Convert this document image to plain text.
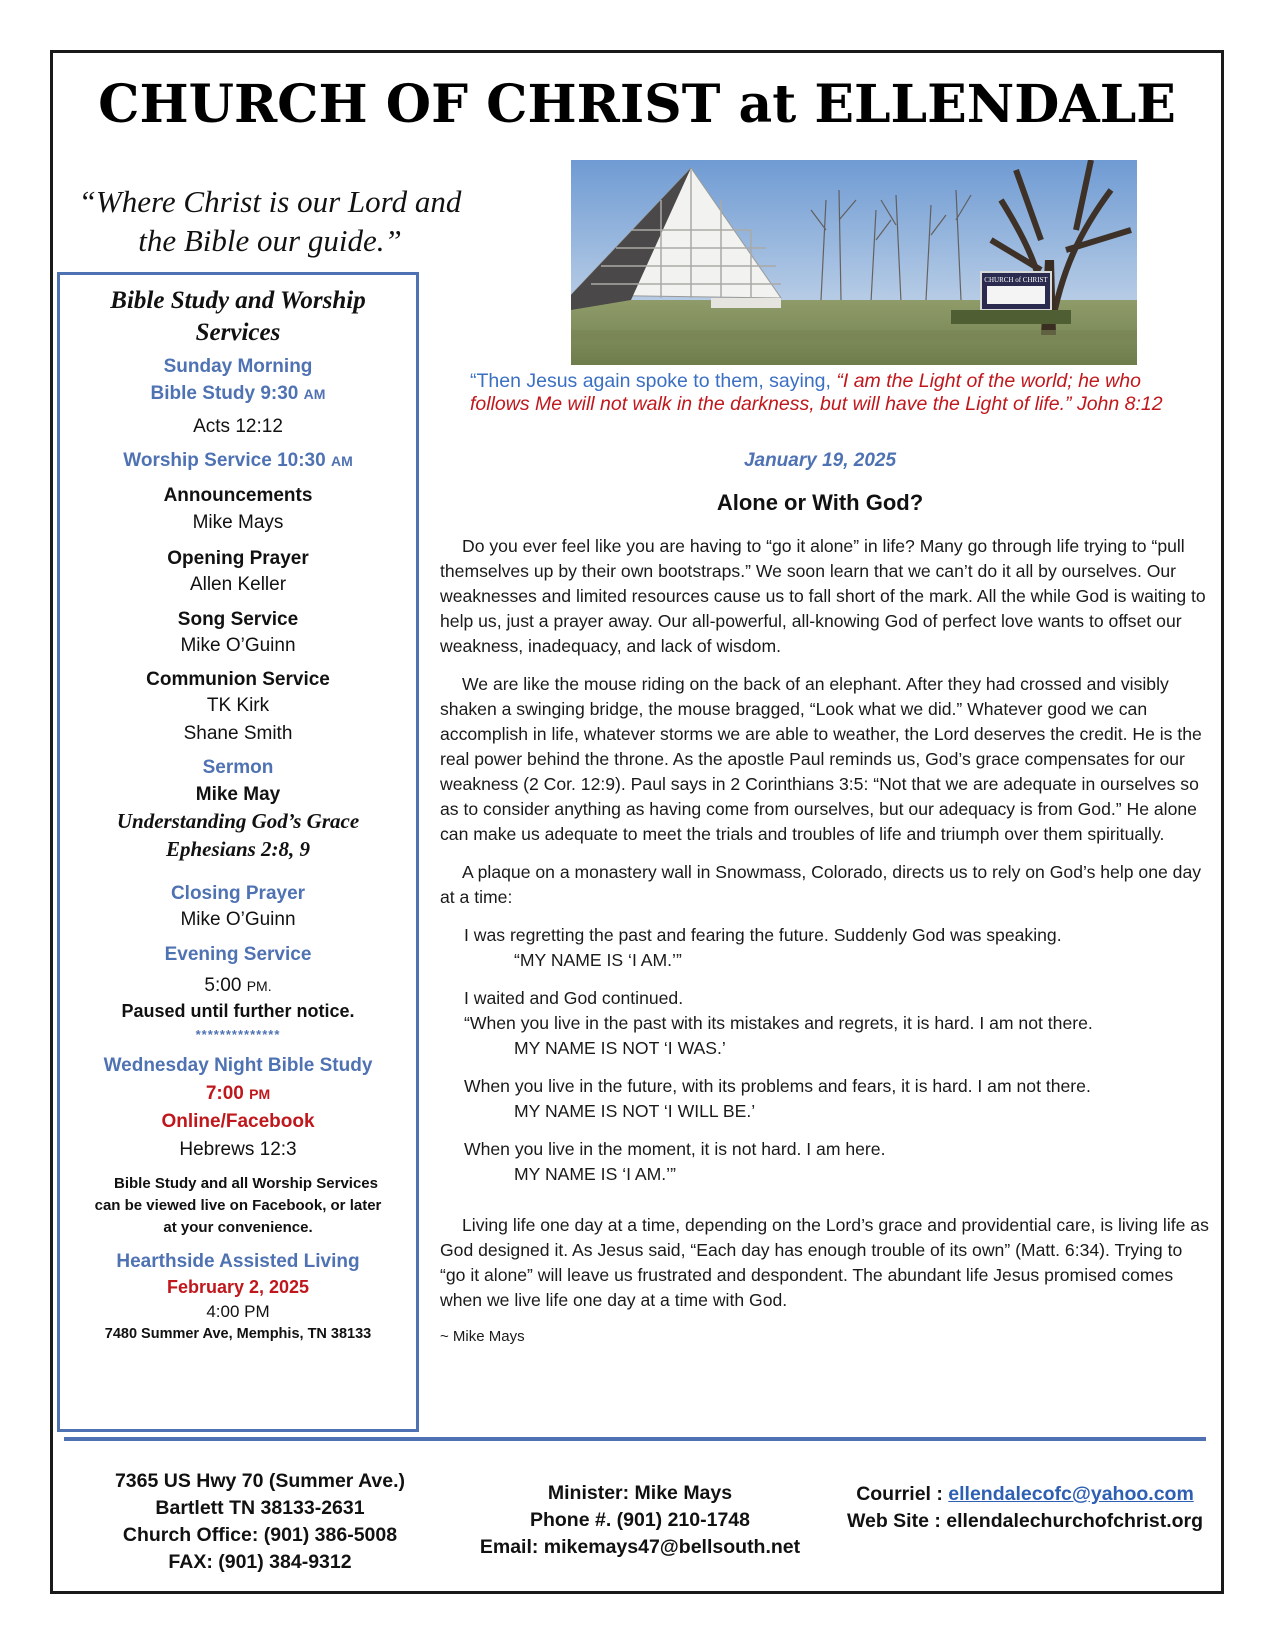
CHURCH OF CHRIST at ELLENDALE
“Where Christ is our Lord and the Bible our guide.”
Bible Study and Worship
Services
Sunday Morning
Bible Study 9:30 AM
Acts 12:12
Worship Service 10:30 AM
Announcements
Mike Mays
Opening Prayer
Allen Keller
Song Service
Mike O’Guinn
Communion Service
TK Kirk
Shane Smith
Sermon
Mike May
Understanding God’s Grace
Ephesians 2:8, 9
Closing Prayer
Mike O’Guinn
Evening Service
5:00 PM.
Paused until further notice.
**************
Wednesday Night Bible Study
7:00 PM
Online/Facebook
Hebrews 12:3
Bible Study and all Worship Services
can be viewed live on Facebook, or later
at your convenience.
Hearthside Assisted Living
February 2, 2025
4:00 PM
7480 Summer Ave, Memphis, TN 38133
CHURCH of CHRIST
“Then Jesus again spoke to them, saying, “I am the Light of the world; he who follows Me will not walk in the darkness, but will have the Light of life.” John 8:12
January 19, 2025
Alone or With God?

Do you ever feel like you are having to “go it alone” in life? Many go through life trying to “pull themselves up by their own bootstraps.” We soon learn that we can’t do it all by ourselves. Our weaknesses and limited resources cause us to fall short of the mark. All the while God is waiting to help us, just a prayer away. Our all-powerful, all-knowing God of perfect love wants to offset our weakness, inadequacy, and lack of wisdom.

We are like the mouse riding on the back of an elephant. After they had crossed and visibly shaken a swinging bridge, the mouse bragged, “Look what we did.” Whatever good we can accomplish in life, whatever storms we are able to weather, the Lord deserves the credit. He is the real power behind the throne. As the apostle Paul reminds us, God’s grace compensates for our weakness (2 Cor. 12:9). Paul says in 2 Corinthians 3:5: “Not that we are adequate in ourselves so as to consider anything as having come from ourselves, but our adequacy is from God.” He alone can make us adequate to meet the trials and troubles of life and triumph over them spiritually.

A plaque on a monastery wall in Snowmass, Colorado, directs us to rely on God’s help one day at a time:

I was regretting the past and fearing the future. Suddenly God was speaking.
“MY NAME IS ‘I AM.’”
I waited and God continued.
“When you live in the past with its mistakes and regrets, it is hard. I am not there.
MY NAME IS NOT ‘I WAS.’
When you live in the future, with its problems and fears, it is hard. I am not there.
MY NAME IS NOT ‘I WILL BE.’
When you live in the moment, it is not hard. I am here.
MY NAME IS ‘I AM.’”

Living life one day at a time, depending on the Lord’s grace and providential care, is living life as God designed it. As Jesus said, “Each day has enough trouble of its own” (Matt. 6:34). Trying to “go it alone” will leave us frustrated and despondent. The abundant life Jesus promised comes when we live life one day at a time with God.

~ Mike Mays

7365 US Hwy 70 (Summer Ave.)
Bartlett TN 38133-2631
Church Office: (901) 386-5008
FAX: (901) 384-9312
Minister: Mike Mays
Phone #. (901) 210-1748
Email: mikemays47@bellsouth.net
Courriel : ellendalecofc@yahoo.com
Web Site : ellendalechurchofchrist.org
